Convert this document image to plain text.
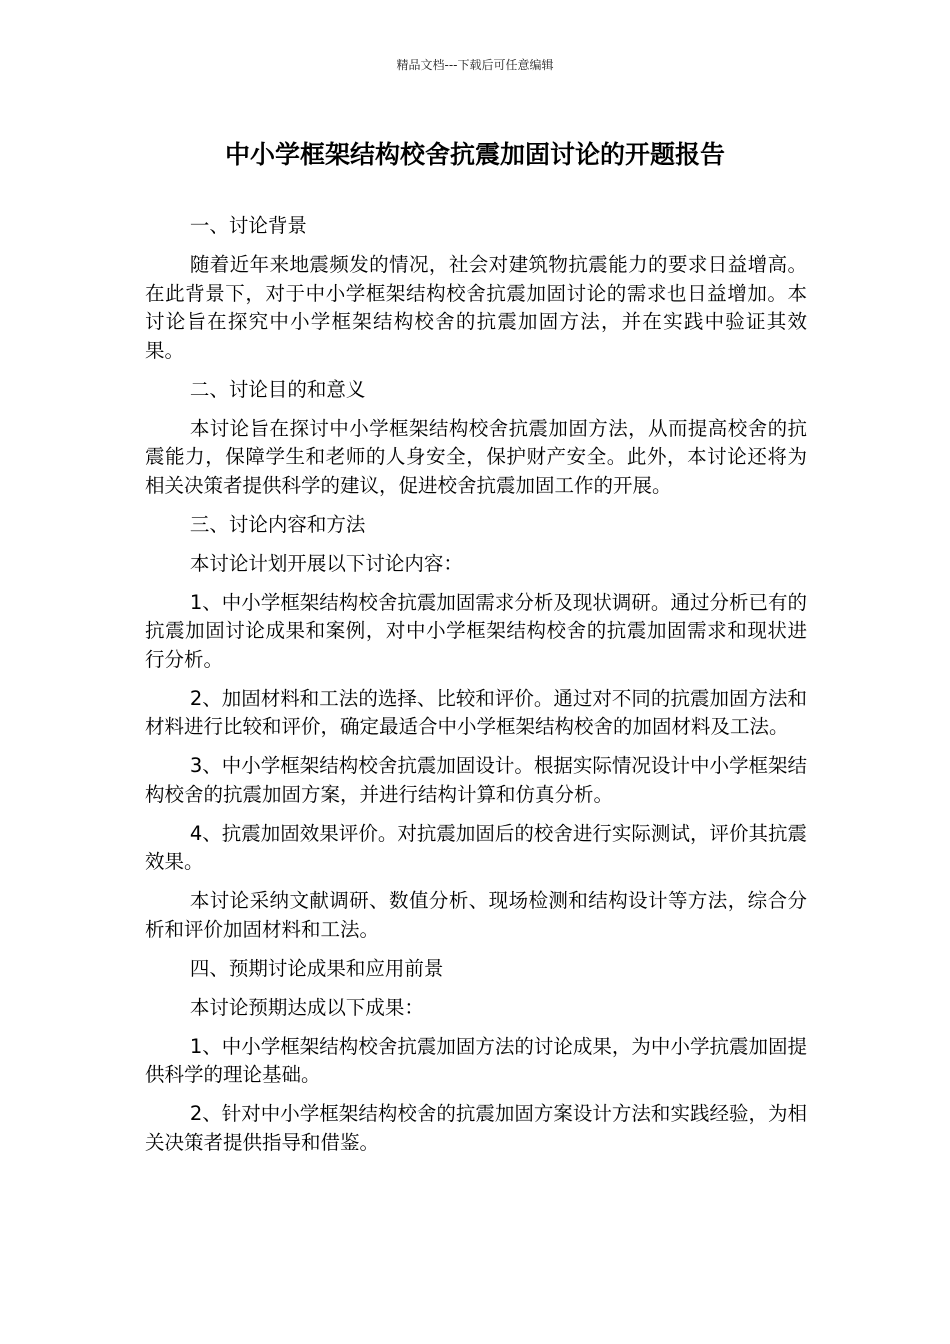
精品文档---下载后可任意编辑
中小学框架结构校舍抗震加固讨论的开题报告

一、讨论背景

随着近年来地震频发的情况，社会对建筑物抗震能力的要求日益增高。在此背景下，对于中小学框架结构校舍抗震加固讨论的需求也日益增加。本讨论旨在探究中小学框架结构校舍的抗震加固方法，并在实践中验证其效果。

二、讨论目的和意义

本讨论旨在探讨中小学框架结构校舍抗震加固方法，从而提高校舍的抗震能力，保障学生和老师的人身安全，保护财产安全。此外，本讨论还将为相关决策者提供科学的建议，促进校舍抗震加固工作的开展。

三、讨论内容和方法

本讨论计划开展以下讨论内容：

1、中小学框架结构校舍抗震加固需求分析及现状调研。通过分析已有的抗震加固讨论成果和案例，对中小学框架结构校舍的抗震加固需求和现状进行分析。

2、加固材料和工法的选择、比较和评价。通过对不同的抗震加固方法和材料进行比较和评价，确定最适合中小学框架结构校舍的加固材料及工法。

3、中小学框架结构校舍抗震加固设计。根据实际情况设计中小学框架结构校舍的抗震加固方案，并进行结构计算和仿真分析。

4、抗震加固效果评价。对抗震加固后的校舍进行实际测试，评价其抗震效果。

本讨论采纳文献调研、数值分析、现场检测和结构设计等方法，综合分析和评价加固材料和工法。

四、预期讨论成果和应用前景

本讨论预期达成以下成果：

1、中小学框架结构校舍抗震加固方法的讨论成果，为中小学抗震加固提供科学的理论基础。

2、针对中小学框架结构校舍的抗震加固方案设计方法和实践经验，为相关决策者提供指导和借鉴。
